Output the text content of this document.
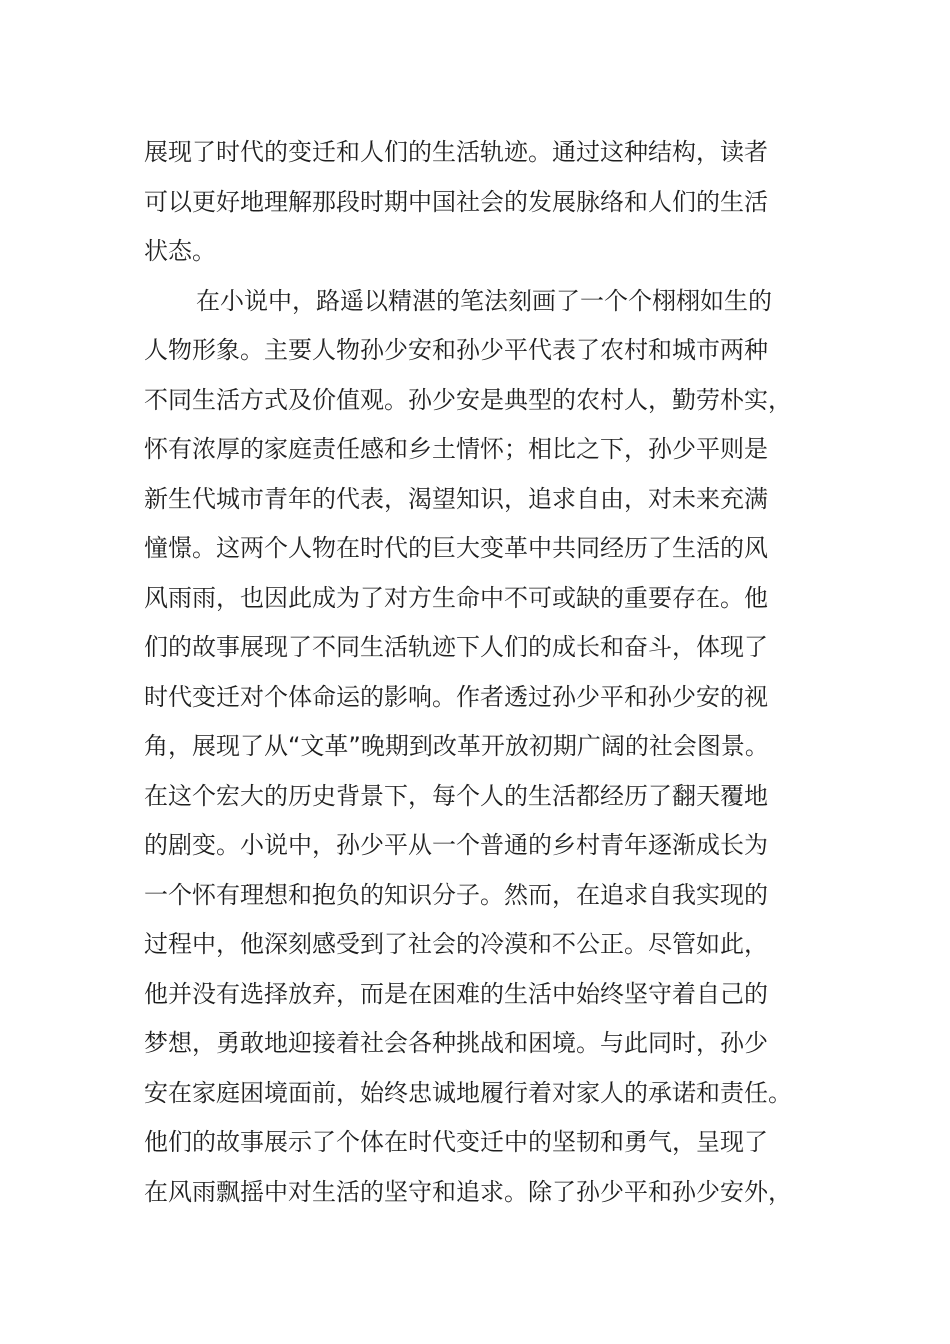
展现了时代的变迁和人们的生活轨迹。通过这种结构，读者
可以更好地理解那段时期中国社会的发展脉络和人们的生活
状态。
在小说中，路遥以精湛的笔法刻画了一个个栩栩如生的
人物形象。主要人物孙少安和孙少平代表了农村和城市两种
不同生活方式及价值观。孙少安是典型的农村人，勤劳朴实，
怀有浓厚的家庭责任感和乡土情怀；相比之下，孙少平则是
新生代城市青年的代表，渴望知识，追求自由，对未来充满
憧憬。这两个人物在时代的巨大变革中共同经历了生活的风
风雨雨，也因此成为了对方生命中不可或缺的重要存在。他
们的故事展现了不同生活轨迹下人们的成长和奋斗，体现了
时代变迁对个体命运的影响。作者透过孙少平和孙少安的视
角，展现了从“文革”晚期到改革开放初期广阔的社会图景。
在这个宏大的历史背景下，每个人的生活都经历了翻天覆地
的剧变。小说中，孙少平从一个普通的乡村青年逐渐成长为
一个怀有理想和抱负的知识分子。然而，在追求自我实现的
过程中，他深刻感受到了社会的冷漠和不公正。尽管如此，
他并没有选择放弃，而是在困难的生活中始终坚守着自己的
梦想，勇敢地迎接着社会各种挑战和困境。与此同时，孙少
安在家庭困境面前，始终忠诚地履行着对家人的承诺和责任。
他们的故事展示了个体在时代变迁中的坚韧和勇气，呈现了
在风雨飘摇中对生活的坚守和追求。除了孙少平和孙少安外，
